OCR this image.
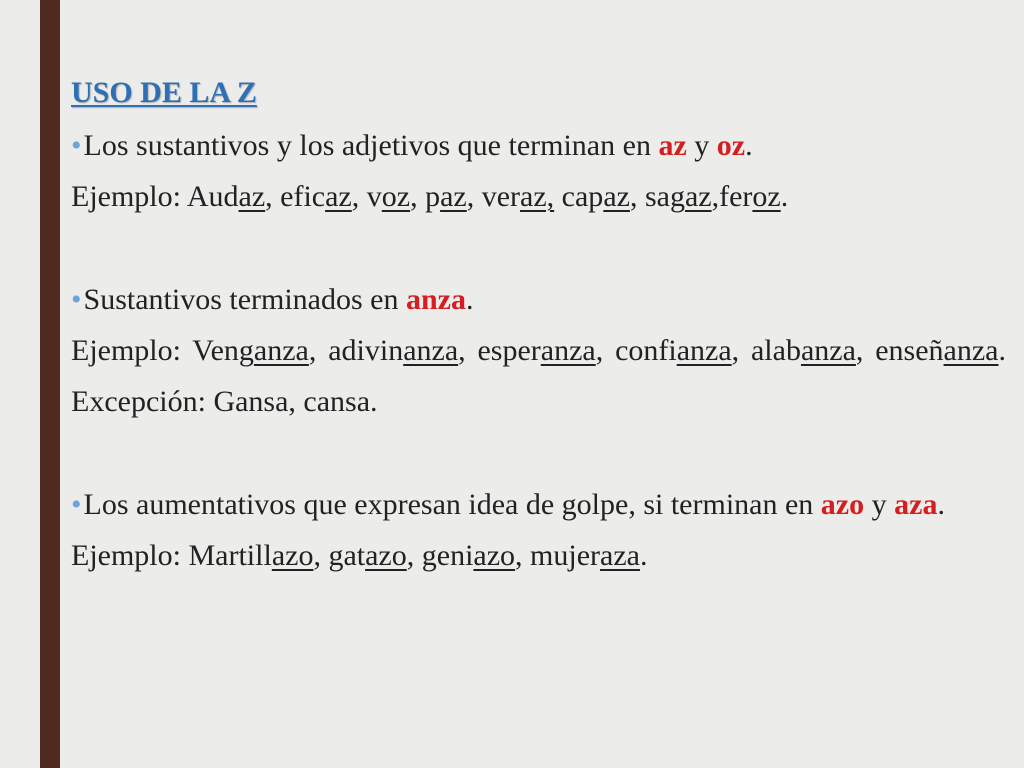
USO DE LA Z
•Los sustantivos y los adjetivos que terminan en az y oz.
Ejemplo: Audaz, eficaz, voz, paz, veraz, capaz, sagaz,feroz.
•Sustantivos terminados en anza.
Ejemplo: Venganza, adivinanza, esperanza, confianza, alabanza, enseñanza. Excepción: Gansa, cansa.
•Los aumentativos que expresan idea de golpe, si terminan en azo y aza.
Ejemplo: Martillazo, gatazo, geniazo, mujeraza.
